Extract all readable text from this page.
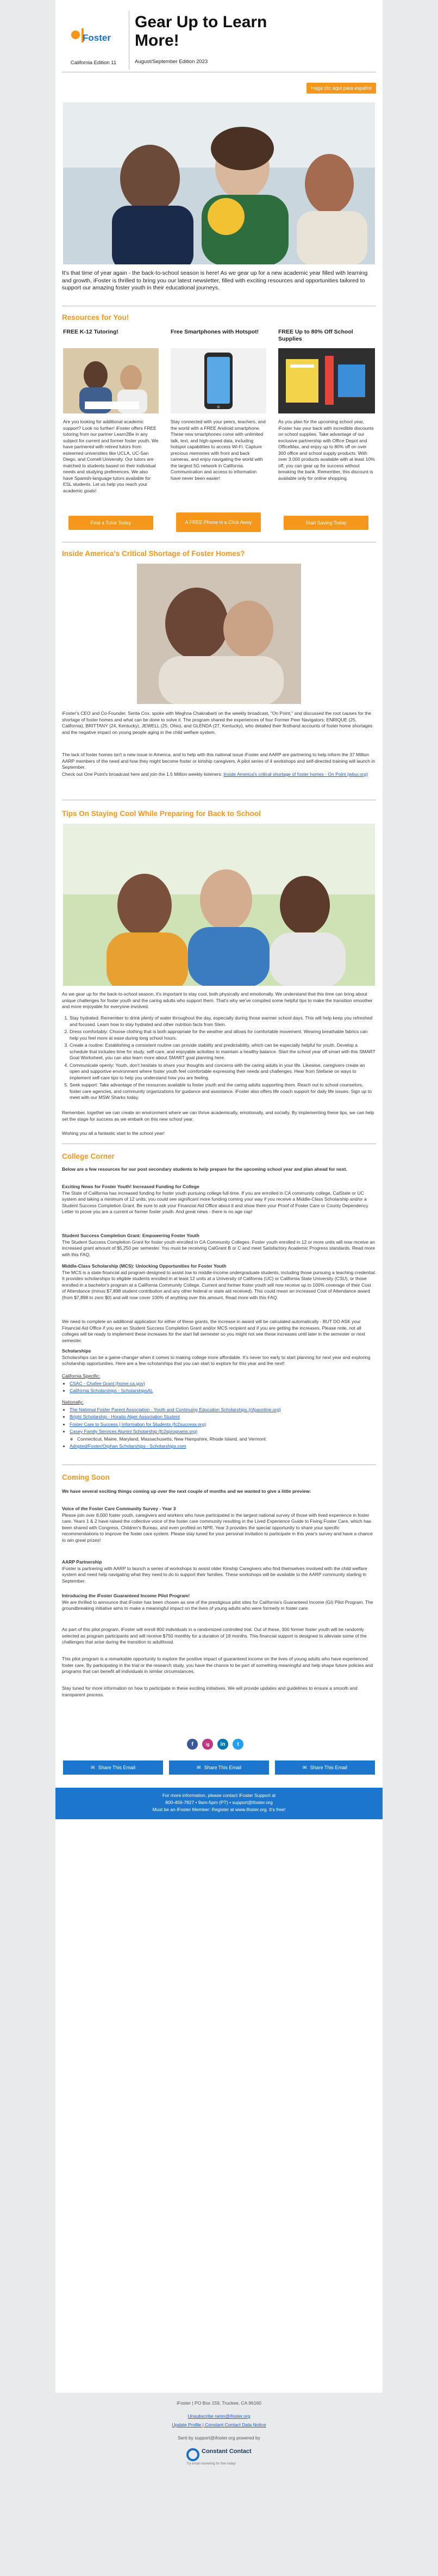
Foster
California Edition 11
Gear Up to Learn More!
August/September Edition 2023
Haga clic aquí para español
It's that time of year again - the back-to-school season is here! As we gear up for a new academic year filled with learning and growth, iFoster is thrilled to bring you our latest newsletter, filled with exciting resources and opportunities tailored to support our amazing foster youth in their educational journeys.
Resources for You!
FREE K-12 Tutoring!	Free Smartphones with Hotspot!	FREE Up to 80% Off School Supplies
Are you looking for additional academic support? Look no further! iFoster offers FREE tutoring from our partner Learn2Be in any subject for current and former foster youth. We have partnered with retired tutors from esteemed universities like UCLA, UC-San Diego, and Cornell University. Our tutors are matched to students based on their individual needs and studying preferences. We also have Spanish-language tutors available for ESL students. Let us help you reach your academic goals!
Stay connected with your peers, teachers, and the world with a FREE Android smartphone. These new smartphones come with unlimited talk, text, and high-speed data, including hotspot capabilities to access Wi-Fi. Capture precious memories with front and back cameras, and enjoy navigating the world with the largest 5G network in California. Communication and access to information have never been easier!
As you plan for the upcoming school year, iFoster has your back with incredible discounts on school supplies. Take advantage of our exclusive partnership with Office Depot and OfficeMax, and enjoy up to 80% off on over 300 office and school supply products. With over 3,000 products available with at least 10% off, you can gear up for success without breaking the bank. Remember, this discount is available only for online shopping.
Find a Tutor Today	A FREE Phone is a Click Away	Start Saving Today
Inside America's Critical Shortage of Foster Homes?
iFoster's CEO and Co-Founder, Serita Cox, spoke with Meghna Chakrabarti on the weekly broadcast, "On Point," and discussed the root causes for the shortage of foster homes and what can be done to solve it. The program shared the experiences of four Former Peer Navigators; ENRIQUE (25, California), BRITTANY (24, Kentucky), JEWELL (25, Ohio), and GLENDA (27, Kentucky), who detailed their firsthand accounts of foster home shortages and the negative impact on young people aging in the child welfare system.
The lack of foster homes isn't a new issue in America, and to help with this national issue iFoster and AARP are partnering to help inform the 37 Million AARP members of the need and how they might become foster or kinship caregivers. A pilot series of 4 workshops and self-directed training will launch in September.
Check out One Point's broadcast here and join the 1.5 Million weekly listeners: Inside America's critical shortage of foster homes - On Point (wbur.org)
Tips On Staying Cool While Preparing for Back to School
As we gear up for the back-to-school season, it's important to stay cool, both physically and emotionally. We understand that this time can bring about unique challenges for foster youth and the caring adults who support them. That's why we've compiled some helpful tips to make the transition smoother and more enjoyable for everyone involved.
1. Stay hydrated: Remember to drink plenty of water throughout the day, especially during those warmer school days. This will help keep you refreshed and focused. Learn how to stay hydrated and other nutrition facts from Stein.
2. Dress comfortably: Choose clothing that is both appropriate for the weather and allows for comfortable movement. Wearing breathable fabrics can help you feel more at ease during long school hours.
3. Create a routine: Establishing a consistent routine can provide stability and predictability, which can be especially helpful for youth. Develop a schedule that includes time for study, self-care, and enjoyable activities to maintain a healthy balance. Start the school year off smart with this SMART Goal Worksheet, you can also learn more about SMART goal planning here.
4. Communicate openly: Youth, don't hesitate to share your thoughts and concerns with the caring adults in your life. Likewise, caregivers create an open and supportive environment where foster youth feel comfortable expressing their needs and challenges. Hear from Stefanie on ways to implement self-care tips to help you understand how you are feeling.
5. Seek support: Take advantage of the resources available to foster youth and the caring adults supporting them. Reach out to school counselors, foster care agencies, and community organizations for guidance and assistance. iFoster also offers life coach support for daily life issues. Sign up to meet with our MSW Sharks today.
Remember, together we can create an environment where we can thrive academically, emotionally, and socially. By implementing these tips, we can help set the stage for success as we embark on this new school year.
Wishing you all a fantastic start to the school year!
College Corner
Below are a few resources for our post secondary students to help prepare for the upcoming school year and plan ahead for next.
Exciting News for Foster Youth! Increased Funding for College
The State of California has increased funding for foster youth pursuing college full-time. If you are enrolled in CA community college, CalState or UC system and taking a minimum of 12 units, you could see significant more funding coming your way if you receive a Middle-Class Scholarship and/or a Student Success Completion Grant. Be sure to ask your Financial Aid Office about it and show them your Proof of Foster Care or County Dependency Letter to prove you are a current or former foster youth. And great news - there is no age cap!
Student Success Completion Grant: Empowering Foster Youth
The Student Success Completion Grant for foster youth enrolled in CA Community Colleges. Foster youth enrolled in 12 or more units will now receive an increased grant amount of $5,250 per semester. You must be receiving CalGrant B or C and meet Satisfactory Academic Progress standards. Read more with this FAQ.
Middle-Class Scholarship (MCS): Unlocking Opportunities for Foster Youth
The MCS is a state financial aid program designed to assist low to middle-income undergraduate students, including those pursuing a teaching credential. It provides scholarships to eligible students enrolled in at least 12 units at a University of California (UC) or California State University (CSU), or those enrolled in a bachelor's program at a California Community College. Current and former foster youth will now receive up to 100% coverage of their Cost of Attendance (minus $7,898 student contribution and any other federal or state aid received). This could mean an increased Cost of Attendance award (from $7,898 to zero $0) and will now cover 100% of anything over this amount. Read more with this FAQ.
We need to complete an additional application for either of these grants, the increase in award will be calculated automatically - BUT DO ASK your Financial Aid Office if you are an Student Success Completion Grant and/or MCS recipient and if you are getting the increases. Please note, not all colleges will be ready to implement these increases for the start fall semester so you might not see these increases until later in the semester or next semester.
Scholarships
Scholarships can be a game-changer when it comes to making college more affordable. It's never too early to start planning for next year and exploring scholarship opportunities. Here are a few scholarships that you can start to explore for this year and the next!
California Specific:
• CSAC - Chafee Grant (home.ca.gov)
• California Scholarships - ScholarshipsAL
Nationally:
• The National Foster Parent Association - Youth and Continuing Education Scholarships (nfpaonline.org)
• Bright Scholarship - Horatio Alger Association Student
• Foster Care to Success | Information for Students (fc2success.org)
• Casey Family Services Alumni Scholarship (fc2sprograms.org)
◦ Connecticut, Maine, Maryland, Massachusetts, New Hampshire, Rhode Island, and Vermont.
• Adopted/Foster/Orphan Scholarships - Scholarships.com
Coming Soon
We have several exciting things coming up over the next couple of months and we wanted to give a little preview:
Voice of the Foster Care Community Survey - Year 3
Please join over 8,000 foster youth, caregivers and workers who have participated in the largest national survey of those with lived experience in foster care. Years 1 & 2 have raised the collective voice of the foster care community resulting in the Lived Experience Guide to Fixing Foster Care, which has been shared with Congress, Children's Bureau, and even profiled on NPR. Year 3 provides the special opportunity to share your specific recommendations to improve the foster care system. Please stay tuned for your personal invitation to participate in this year's survey and have a chance to win great prizes!
AARP Partnership
iFoster is partnering with AARP to launch a series of workshops to assist older Kinship Caregivers who find themselves involved with the child welfare system and need help navigating what they need to do to support their families. These workshops will be available to the AARP community starting in September.
Introducing the iFoster Guaranteed Income Pilot Program!
We are thrilled to announce that iFoster has been chosen as one of the prestigious pilot sites for California's Guaranteed Income (GI) Pilot Program. The groundbreaking initiative aims to make a meaningful impact on the lives of young adults who were formerly in foster care.
As part of this pilot program, iFoster will enroll 800 individuals in a randomized controlled trial. Out of these, 300 former foster youth will be randomly selected as program participants and will receive $750 monthly for a duration of 18 months. This financial support is designed to alleviate some of the challenges that arise during the transition to adulthood.
This pilot program is a remarkable opportunity to explore the positive impact of guaranteed income on the lives of young adults who have experienced foster care. By participating in the trial or the research study, you have the chance to be part of something meaningful and help shape future policies and programs that can benefit all individuals in similar circumstances.
Stay tuned for more information on how to participate in these exciting initiatives. We will provide updates and guidelines to ensure a smooth and transparent process.
f	ig	in	t
✉ Share This Email	✉ Share This Email	✉ Share This Email
For more information, please contact iFoster Support at
800-456-7827 • 9am-5pm (PT) • support@ifoster.org
Must be an iFoster Member: Register at www.ifoster.org. It's free!
iFoster | PO Box 159, Truckee, CA 96160
Unsubscribe ramn@ifoster.org
Update Profile | Constant Contact Data Notice
Sent by support@ifoster.org powered by
Constant Contact
Try email marketing for free today!
